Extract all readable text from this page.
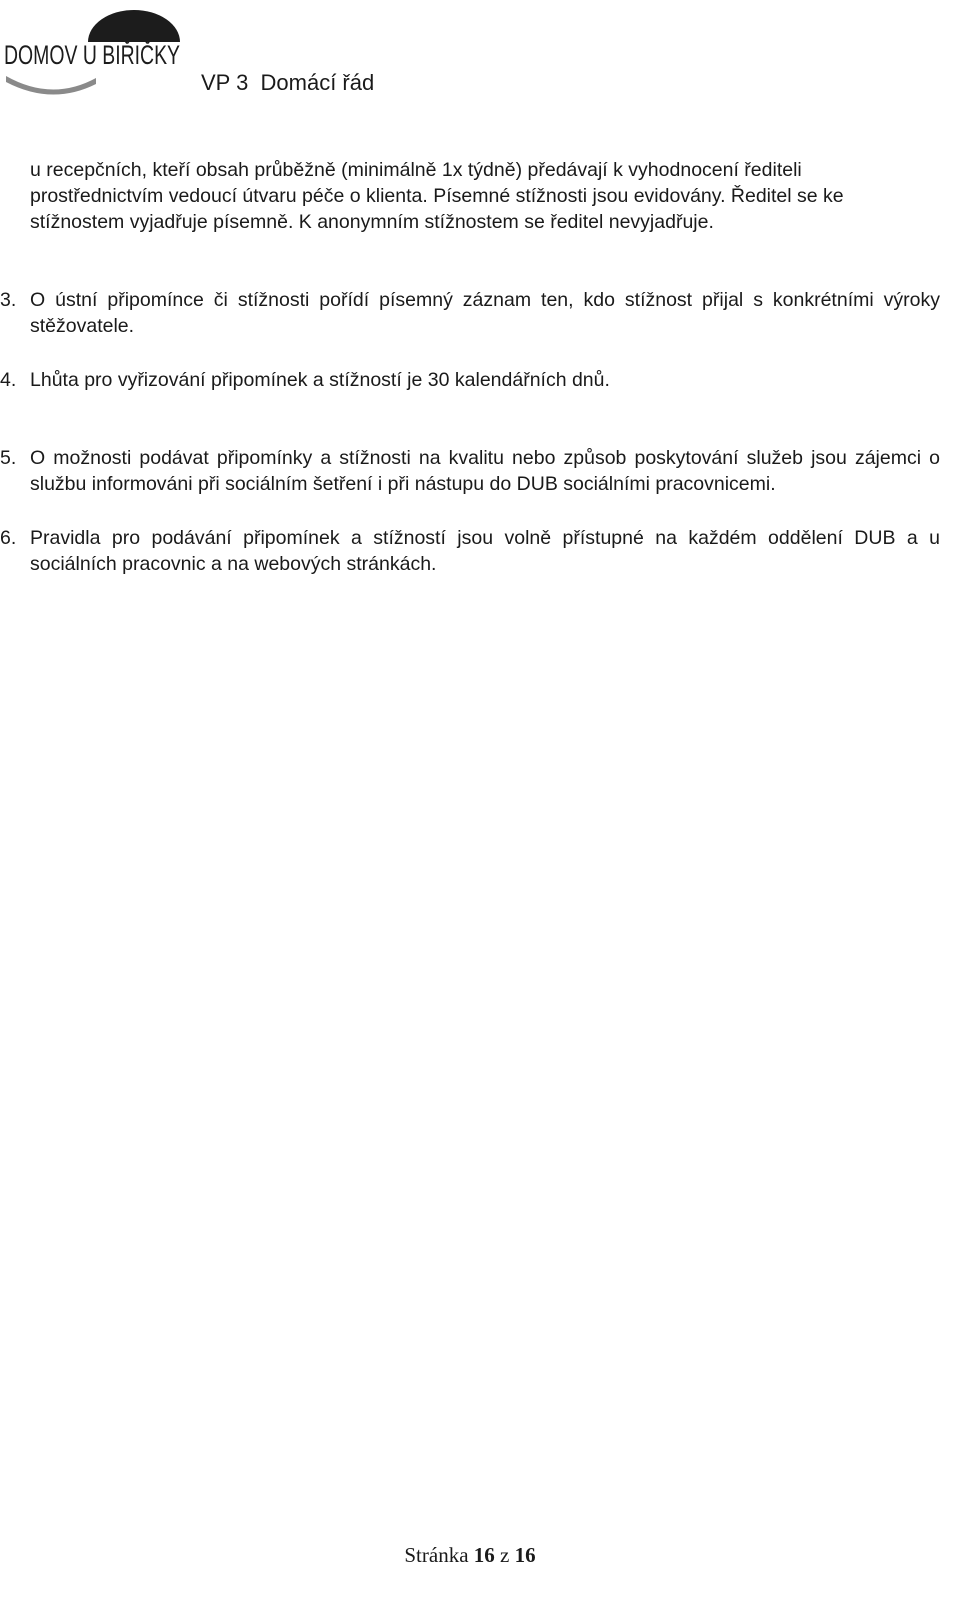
DOMOV U BIŘIČKY
VP 3  Domácí řád

u recepčních, kteří obsah průběžně (minimálně 1x týdně) předávají k vyhodnocení řediteli prostřednictvím vedoucí útvaru péče o klienta. Písemné stížnosti jsou evidovány. Ředitel se ke stížnostem vyjadřuje písemně. K anonymním stížnostem se ředitel nevyjadřuje.

3. O ústní připomínce či stížnosti pořídí písemný záznam ten, kdo stížnost přijal s konkrétními výroky stěžovatele.
4. Lhůta pro vyřizování připomínek a stížností je 30 kalendářních dnů.
5. O možnosti podávat připomínky a stížnosti na kvalitu nebo způsob poskytování služeb jsou zájemci o službu informováni při sociálním šetření i při nástupu do DUB sociálními pracovnicemi.
6. Pravidla pro podávání připomínek a stížností jsou volně přístupné na každém oddělení DUB a u sociálních pracovnic a na webových stránkách.
Stránka 16 z 16
